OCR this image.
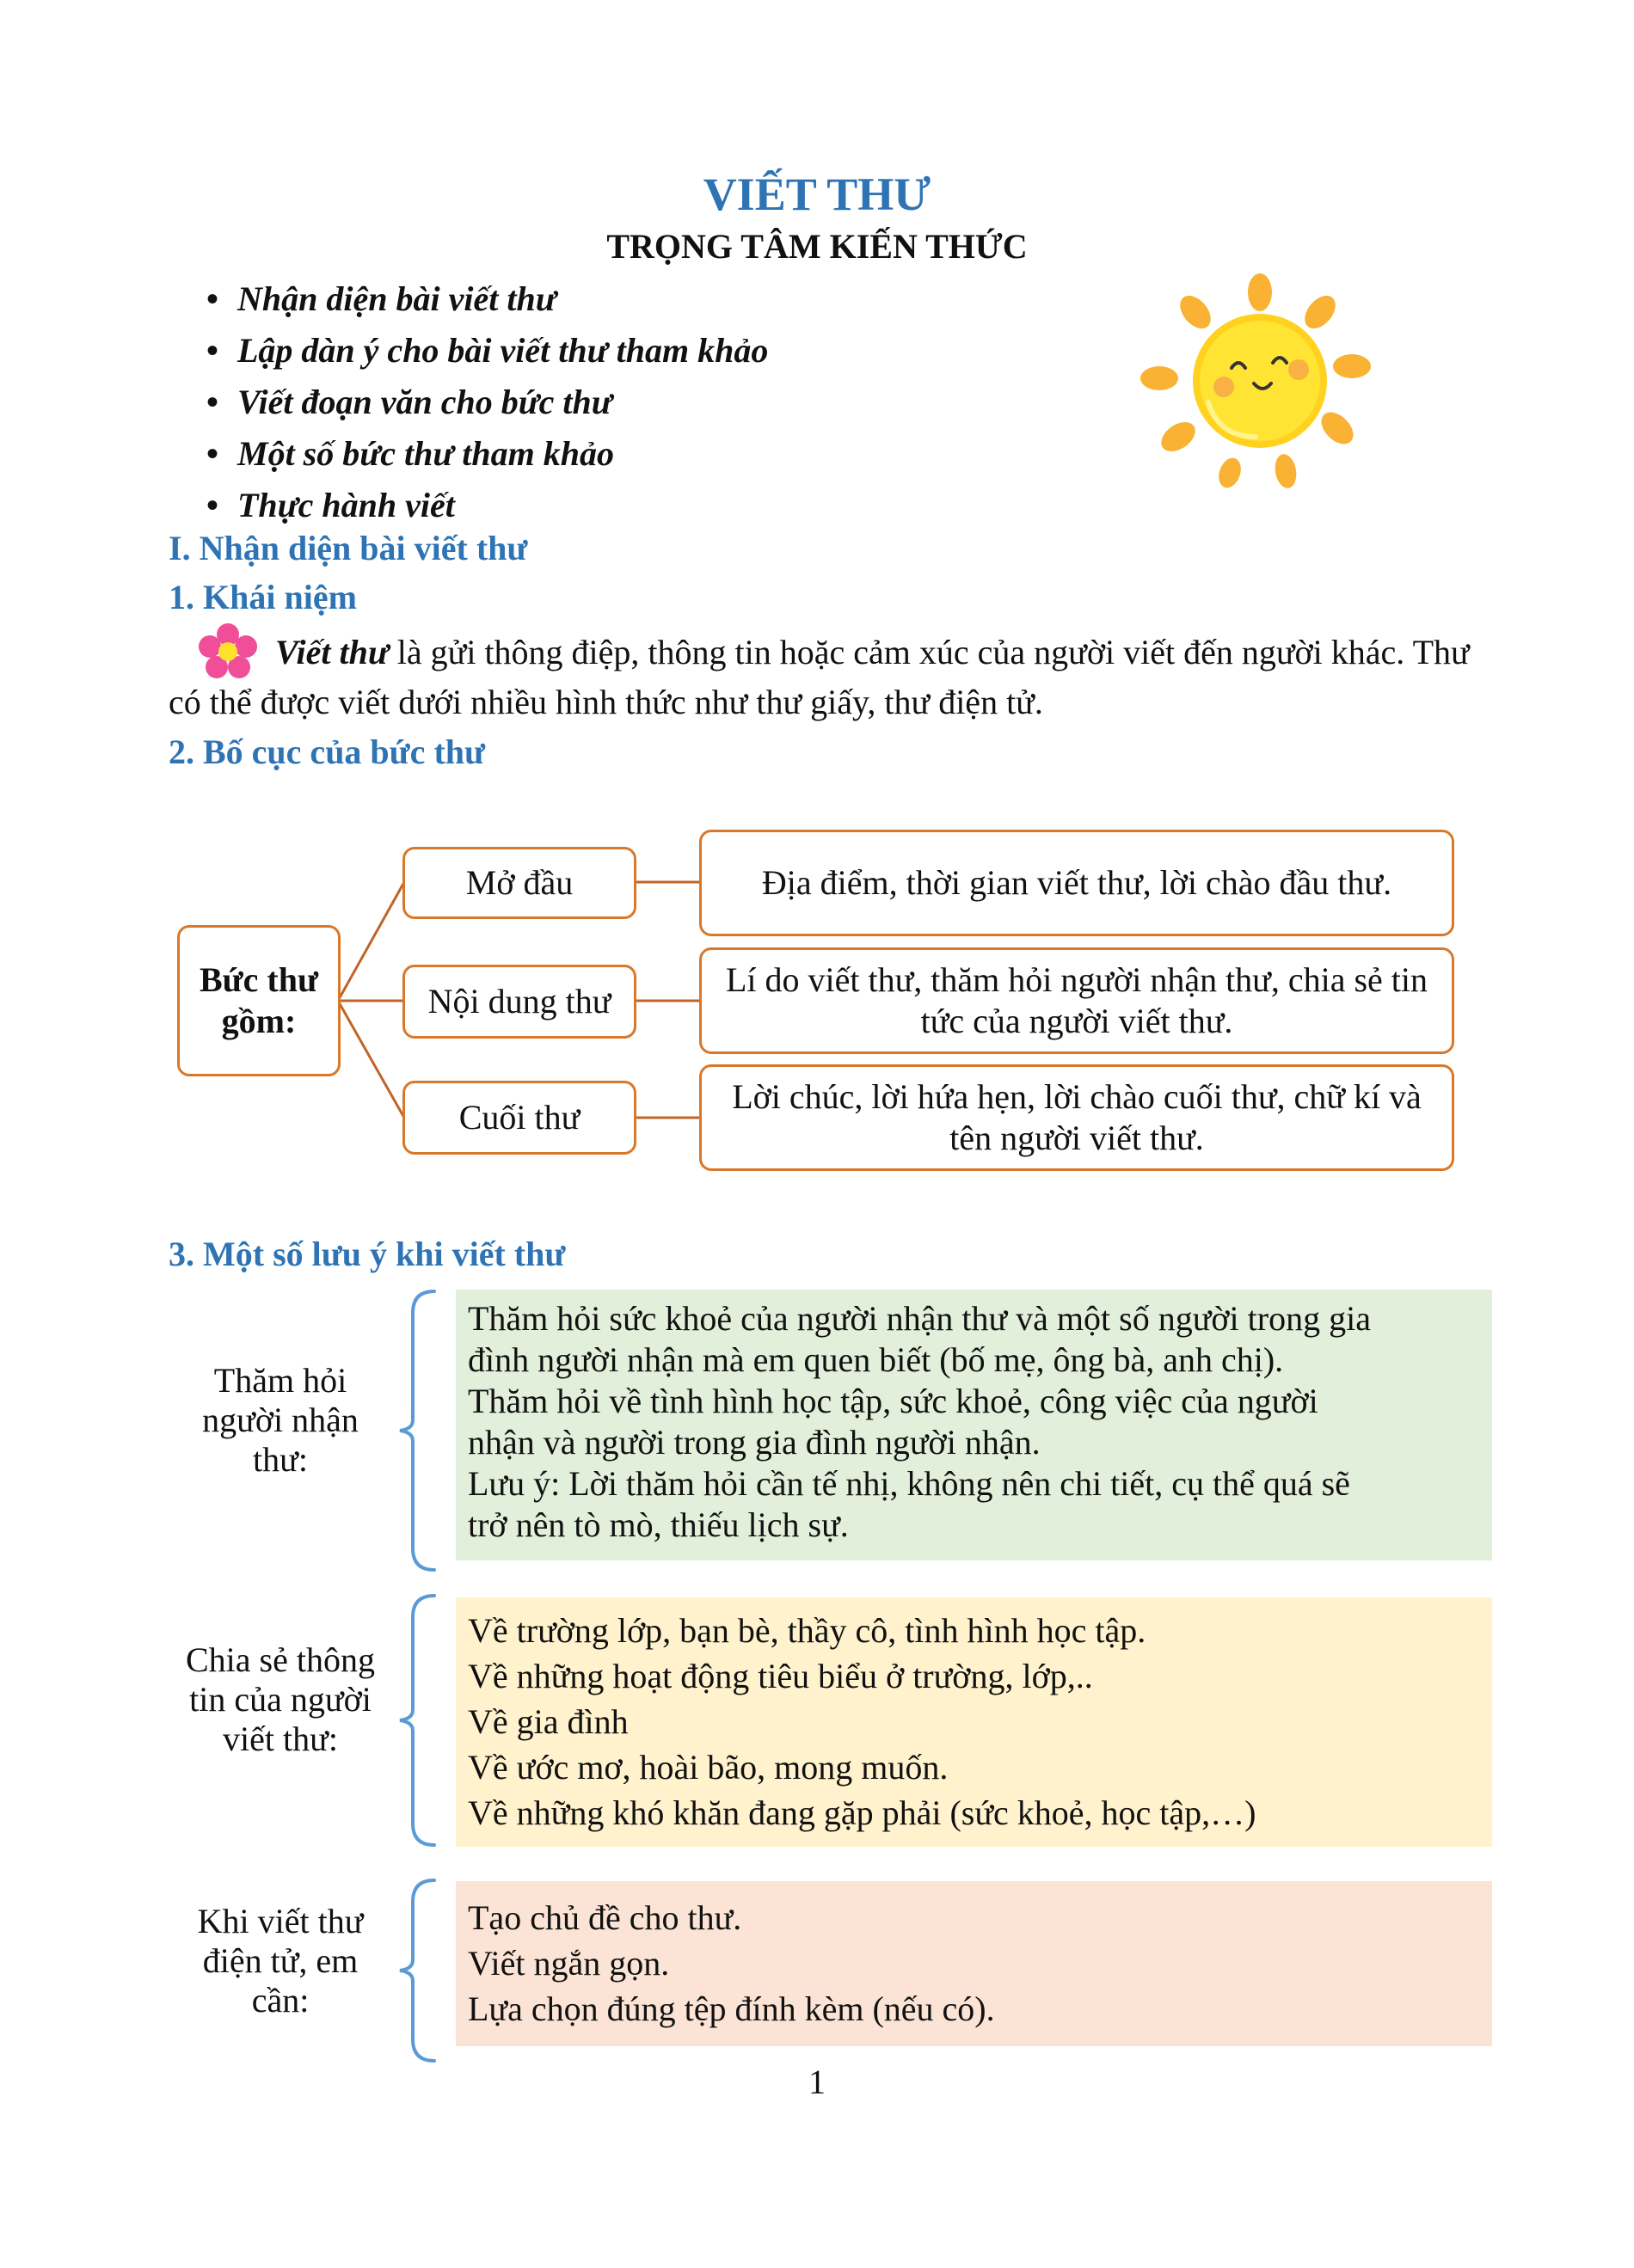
VIẾT THƯ
TRỌNG TÂM KIẾN THỨC
• Nhận diện bài viết thư
• Lập dàn ý cho bài viết thư tham khảo
• Viết đoạn văn cho bức thư
• Một số bức thư tham khảo
• Thực hành viết
I. Nhận diện bài viết thư
1. Khái niệm
Viết thư là gửi thông điệp, thông tin hoặc cảm xúc của người viết đến người khác. Thư có thể được viết dưới nhiều hình thức như thư giấy, thư điện tử.
2. Bố cục của bức thư
Bức thư gồm:
Mở đầu
Nội dung thư
Cuối thư
Địa điểm, thời gian viết thư, lời chào đầu thư.
Lí do viết thư, thăm hỏi người nhận thư, chia sẻ tin tức của người viết thư.
Lời chúc, lời hứa hẹn, lời chào cuối thư, chữ kí và tên người viết thư.
3. Một số lưu ý khi viết thư
Thăm hỏi người nhận thư:
Thăm hỏi sức khoẻ của người nhận thư và một số người trong gia
đình người nhận mà em quen biết (bố mẹ, ông bà, anh chị).
Thăm hỏi về tình hình học tập, sức khoẻ, công việc của người
nhận và người trong gia đình người nhận.
Lưu ý: Lời thăm hỏi cần tế nhị, không nên chi tiết, cụ thể quá sẽ
trở nên tò mò, thiếu lịch sự.
Chia sẻ thông tin của người viết thư:
Về trường lớp, bạn bè, thầy cô, tình hình học tập.
Về những hoạt động tiêu biểu ở trường, lớp,..
Về gia đình
Về ước mơ, hoài bão, mong muốn.
Về những khó khăn đang gặp phải (sức khoẻ, học tập,…)
Khi viết thư điện tử, em cần:
Tạo chủ đề cho thư.
Viết ngắn gọn.
Lựa chọn đúng tệp đính kèm (nếu có).
1
